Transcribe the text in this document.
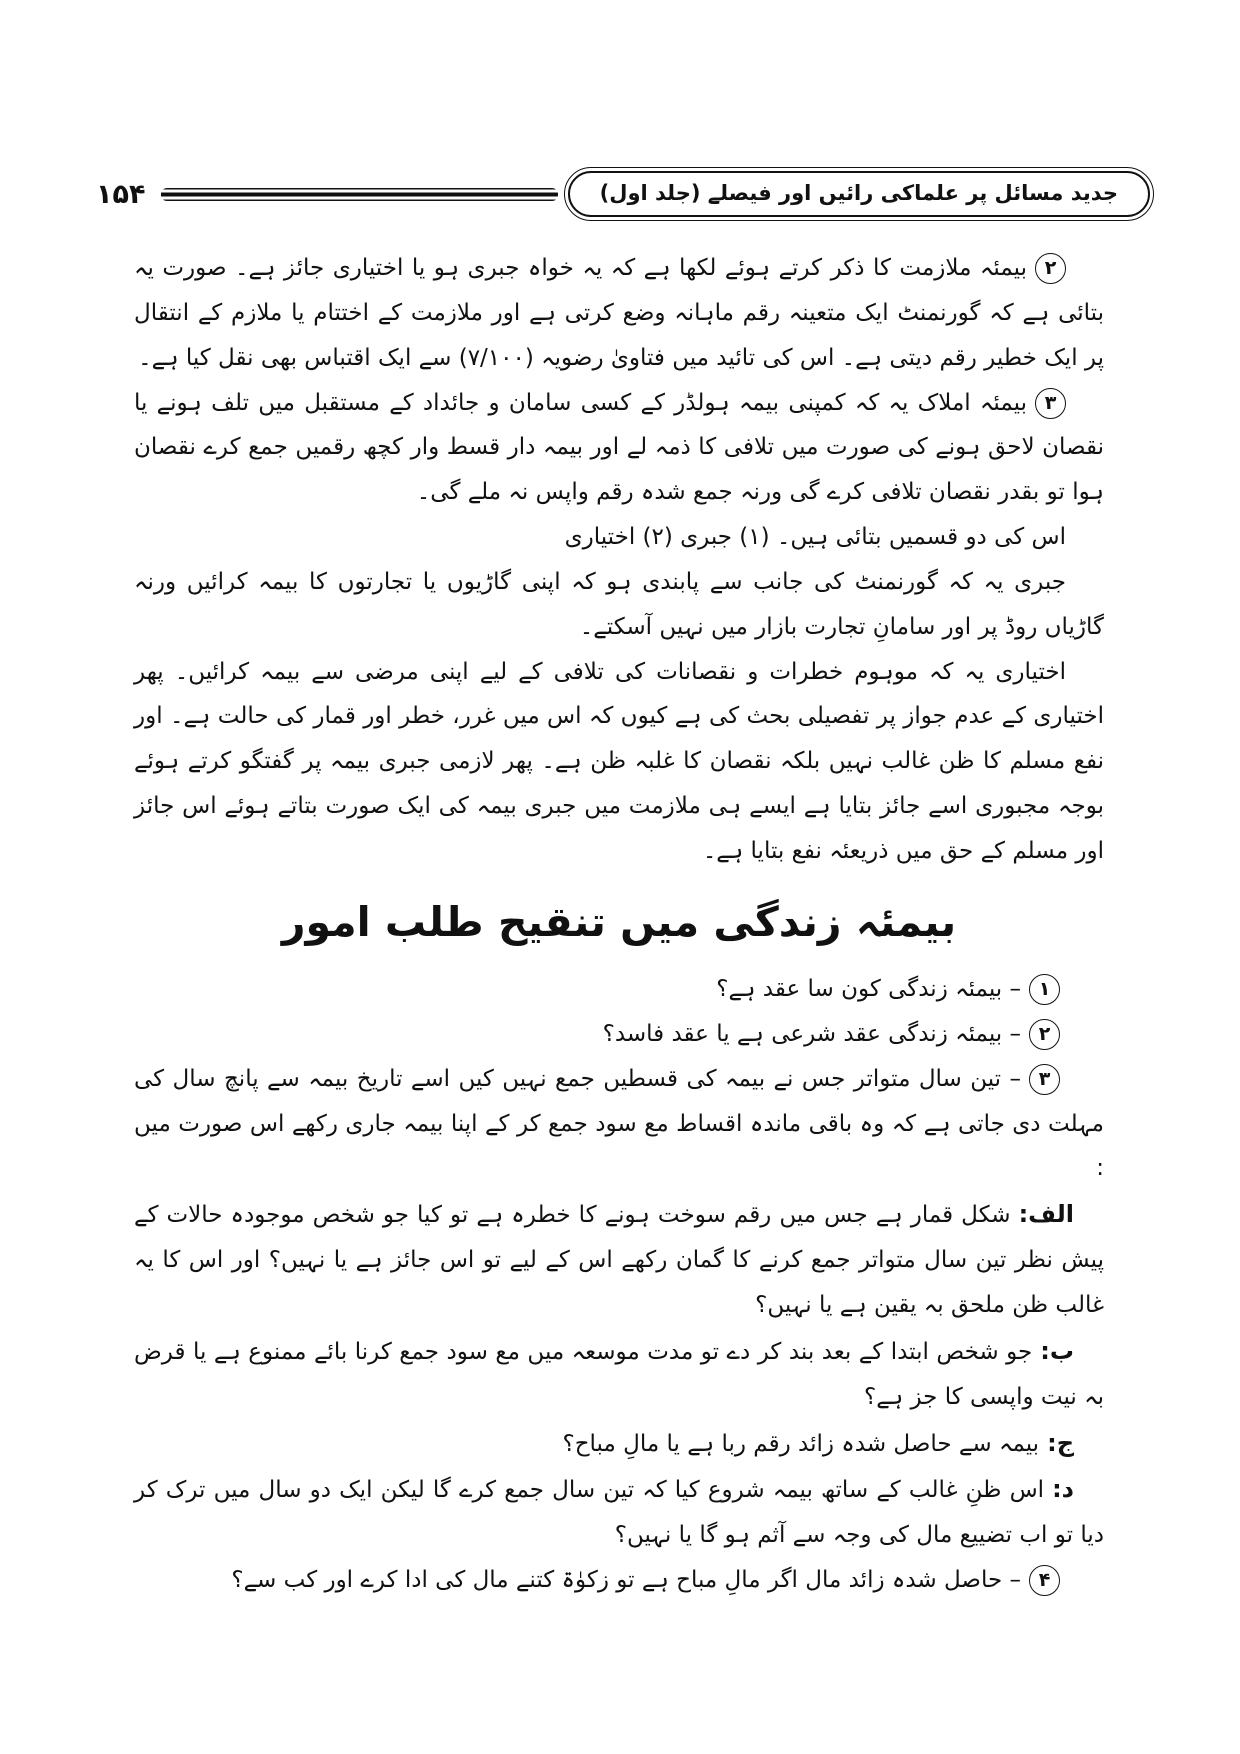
جدید مسائل پر علماکی رائیں اور فیصلے (جلد اول)
۱۵۴

۲بیمئہ ملازمت کا ذکر کرتے ہوئے لکھا ہے کہ یہ خواہ جبری ہو یا اختیاری جائز ہے۔ صورت یہ بتائی ہے کہ گورنمنٹ ایک متعینہ رقم ماہانہ وضع کرتی ہے اور ملازمت کے اختتام یا ملازم کے انتقال پر ایک خطیر رقم دیتی ہے۔ اس کی تائید میں فتاویٰ رضویہ (۷/۱۰۰) سے ایک اقتباس بھی نقل کیا ہے۔

۳بیمئہ املاک یہ کہ کمپنی بیمہ ہولڈر کے کسی سامان و جائداد کے مستقبل میں تلف ہونے یا نقصان لاحق ہونے کی صورت میں تلافی کا ذمہ لے اور بیمہ دار قسط وار کچھ رقمیں جمع کرے نقصان ہوا تو بقدر نقصان تلافی کرے گی ورنہ جمع شدہ رقم واپس نہ ملے گی۔

اس کی دو قسمیں بتائی ہیں۔ (۱) جبری (۲) اختیاری

جبری یہ کہ گورنمنٹ کی جانب سے پابندی ہو کہ اپنی گاڑیوں یا تجارتوں کا بیمہ کرائیں ورنہ گاڑیاں روڈ پر اور سامانِ تجارت بازار میں نہیں آسکتے۔

اختیاری یہ کہ موہوم خطرات و نقصانات کی تلافی کے لیے اپنی مرضی سے بیمہ کرائیں۔ پھر اختیاری کے عدم جواز پر تفصیلی بحث کی ہے کیوں کہ اس میں غرر، خطر اور قمار کی حالت ہے۔ اور نفع مسلم کا ظن غالب نہیں بلکہ نقصان کا غلبہ ظن ہے۔ پھر لازمی جبری بیمہ پر گفتگو کرتے ہوئے بوجہ مجبوری اسے جائز بتایا ہے ایسے ہی ملازمت میں جبری بیمہ کی ایک صورت بتاتے ہوئے اس جائز اور مسلم کے حق میں ذریعئہ نفع بتایا ہے۔

بیمئہ زندگی میں تنقیح طلب امور

۱– بیمئہ زندگی کون سا عقد ہے؟

۲– بیمئہ زندگی عقد شرعی ہے یا عقد فاسد؟

۳– تین سال متواتر جس نے بیمہ کی قسطیں جمع نہیں کیں اسے تاریخ بیمہ سے پانچ سال کی مہلت دی جاتی ہے کہ وہ باقی ماندہ اقساط مع سود جمع کر کے اپنا بیمہ جاری رکھے اس صورت میں :

الف:شکل قمار ہے جس میں رقم سوخت ہونے کا خطرہ ہے تو کیا جو شخص موجودہ حالات کے پیش نظر تین سال متواتر جمع کرنے کا گمان رکھے اس کے لیے تو اس جائز ہے یا نہیں؟ اور اس کا یہ غالب ظن ملحق بہ یقین ہے یا نہیں؟

ب:جو شخص ابتدا کے بعد بند کر دے تو مدت موسعہ میں مع سود جمع کرنا بائے ممنوع ہے یا قرض بہ نیت واپسی کا جز ہے؟

ج:بیمہ سے حاصل شدہ زائد رقم ربا ہے یا مالِ مباح؟

د:اس ظنِ غالب کے ساتھ بیمہ شروع کیا کہ تین سال جمع کرے گا لیکن ایک دو سال میں ترک کر دیا تو اب تضییع مال کی وجہ سے آثم ہو گا یا نہیں؟

۴– حاصل شدہ زائد مال اگر مالِ مباح ہے تو زکوٰۃ کتنے مال کی ادا کرے اور کب سے؟
